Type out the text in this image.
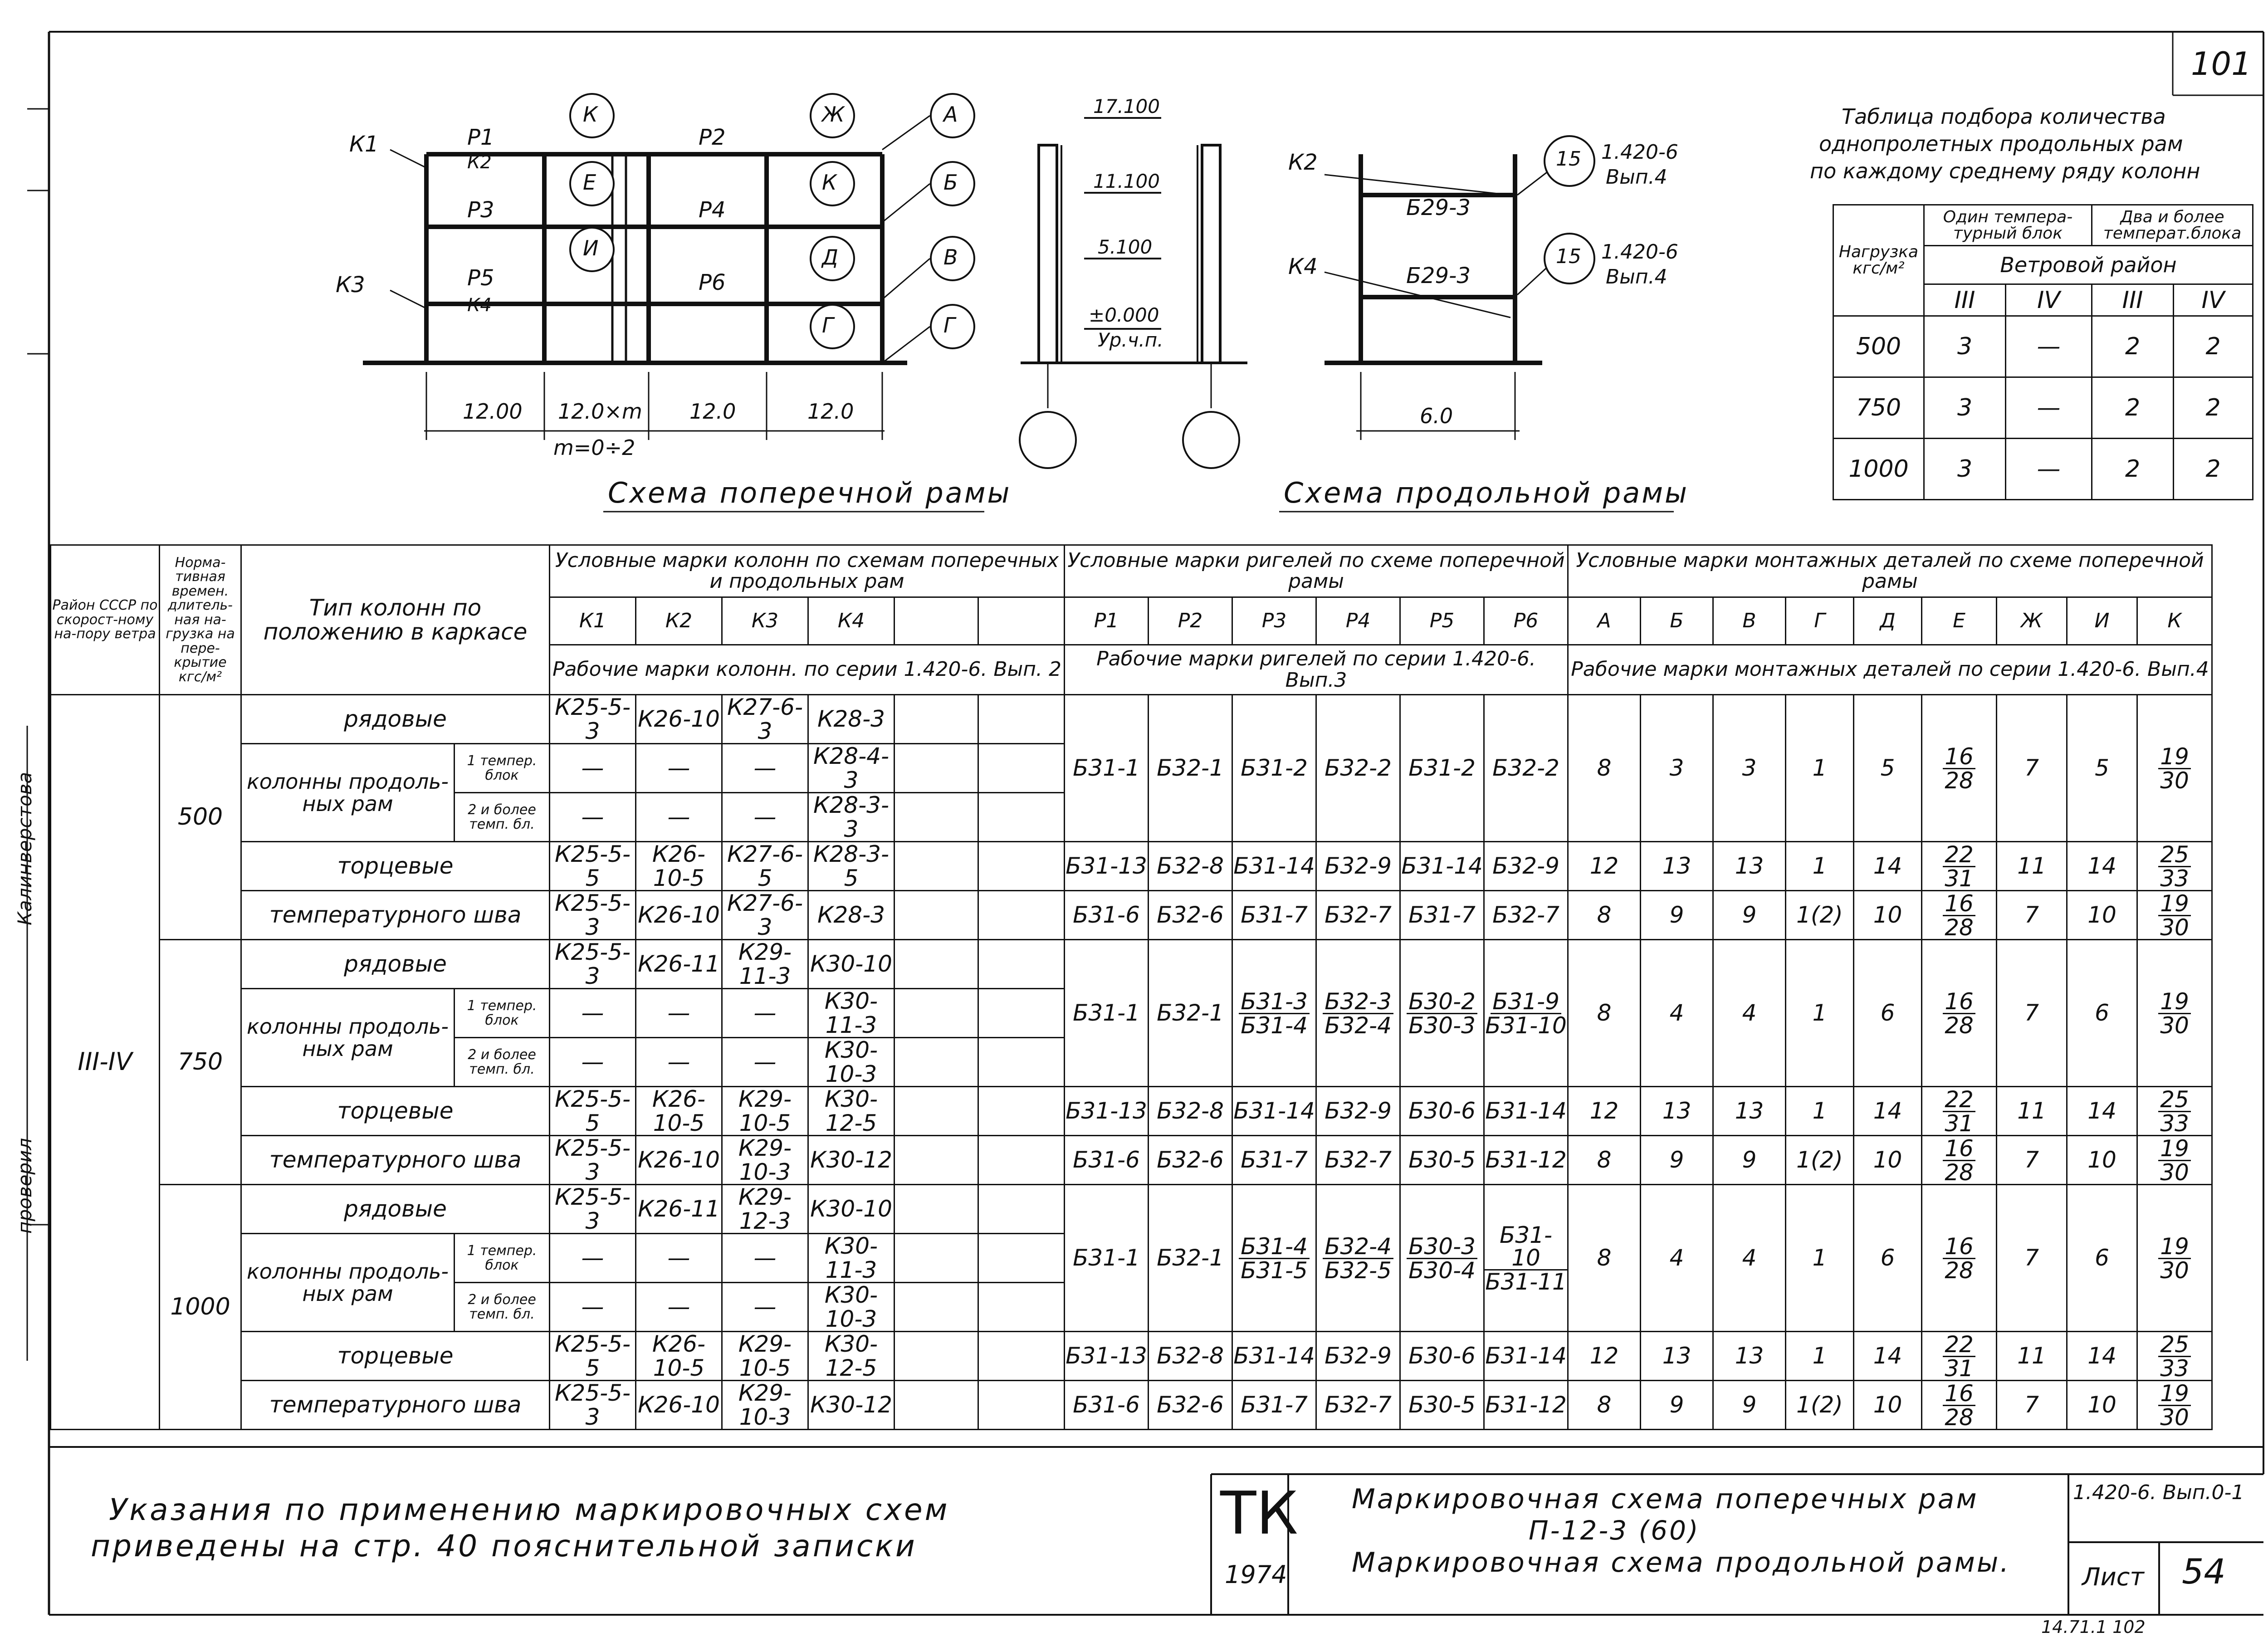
101
Калинверстова
проверил
К1	Р1
К2
Р3
К3	Р5
К4
Р2
Р4
Р6
К
Е
И
Ж
К
Д
Г
А
Б
В
Г
12.00 12.0×m 12.0	12.0
m=0÷2
17.100
11.100
5.100
±0.000
Ур.ч.п.
К2
К4
Б29-3
Б29-3
15
15
1.420-6
Вып.4
1.420-6
Вып.4
6.0
Схема поперечной рамы	Схема продольной рамы
Таблица подбора количества
однопролетных продольных рам
по каждому среднему ряду колонн
Нагрузка кгс/м²	Один темпера-турный блок		Два и более температ.блока	
	Ветровой район			
	III	IV	III	IV
500	3	—	2	2
750	3	—	2	2
1000	3	—	2	2
Район СССР по скорост-ному на-пору ветра	Норма-тивная времен. длитель-ная на-грузка на пере-крытие кгс/м²	Тип колонн по положению в каркасе		Условные марки колонн по схемам поперечных и продольных рам						Условные марки ригелей по схеме поперечной рамы						Условные марки монтажных деталей по схеме поперечной рамы								
				К1	К2	К3	К4			Р1	Р2	Р3	Р4	Р5	Р6	А	Б	В	Г	Д	Е	Ж	И	К
				Рабочие марки колонн. по серии 1.420-6. Вып. 2						Рабочие марки ригелей по серии 1.420-6. Вып.3						Рабочие марки монтажных деталей по серии 1.420-6. Вып.4								
III-IV	500	рядовые		К25-5-3	К26-10	К27-6-3	К28-3			Б31-1	Б32-1	Б31-2	Б32-2	Б31-2	Б32-2	8	3	3	1	5	$\frac{16}{28}$	7	5	$\frac{19}{30}$

		колонны продоль-ных рам	1 темпер. блок	—	—	—	К28-4-3																	
			2 и более темп. бл.	—	—	—	К28-3-3																	
		торцевые		К25-5-5	К26-10-5	К27-6-5	К28-3-5			Б31-13	Б32-8	Б31-14	Б32-9	Б31-14	Б32-9	12	13	13	1	14	$\frac{22}{31}$	11	14	$\frac{25}{33}$

		температурного шва		К25-5-3	К26-10	К27-6-3	К28-3			Б31-6	Б32-6	Б31-7	Б32-7	Б31-7	Б32-7	8	9	9	1(2)	10	$\frac{16}{28}$	7	10	$\frac{19}{30}$

	750	рядовые		К25-5-3	К26-11	К29-11-3	К30-10			Б31-1	Б32-1	$\frac{Б31-3}{Б31-4}$	$\frac{Б32-3}{Б32-4}$	$\frac{Б30-2}{Б30-3}$	$\frac{Б31-9}{Б31-10}$	8	4	4	1	6	$\frac{16}{28}$	7	6	$\frac{19}{30}$

		колонны продоль-ных рам	1 темпер. блок	—	—	—	К30-11-3																	
			2 и более темп. бл.	—	—	—	К30-10-3																	
		торцевые		К25-5-5	К26-10-5	К29-10-5	К30-12-5			Б31-13	Б32-8	Б31-14	Б32-9	Б30-6	Б31-14	12	13	13	1	14	$\frac{22}{31}$	11	14	$\frac{25}{33}$

		температурного шва		К25-5-3	К26-10	К29-10-3	К30-12			Б31-6	Б32-6	Б31-7	Б32-7	Б30-5	Б31-12	8	9	9	1(2)	10	$\frac{16}{28}$	7	10	$\frac{19}{30}$

	1000	рядовые		К25-5-3	К26-11	К29-12-3	К30-10			Б31-1	Б32-1	$\frac{Б31-4}{Б31-5}$	$\frac{Б32-4}{Б32-5}$	$\frac{Б30-3}{Б30-4}$	$\frac{Б31-10}{Б31-11}$	8	4	4	1	6	$\frac{16}{28}$	7	6	$\frac{19}{30}$

		колонны продоль-ных рам	1 темпер. блок	—	—	—	К30-11-3																	
			2 и более темп. бл.	—	—	—	К30-10-3																	
		торцевые		К25-5-5	К26-10-5	К29-10-5	К30-12-5			Б31-13	Б32-8	Б31-14	Б32-9	Б30-6	Б31-14	12	13	13	1	14	$\frac{22}{31}$	11	14	$\frac{25}{33}$

		температурного шва		К25-5-3	К26-10	К29-10-3	К30-12			Б31-6	Б32-6	Б31-7	Б32-7	Б30-5	Б31-12	8	9	9	1(2)	10	$\frac{16}{28}$	7	10	$\frac{19}{30}$
Указания по применению маркировочных схем
приведены на стр. 40 пояснительной записки	ТК
1974
Маркировочная схема поперечных рам
П-12-3 (60)
Маркировочная схема продольной рамы.
1.420-6. Вып.0-1
Лист 54
14.71.1 102
